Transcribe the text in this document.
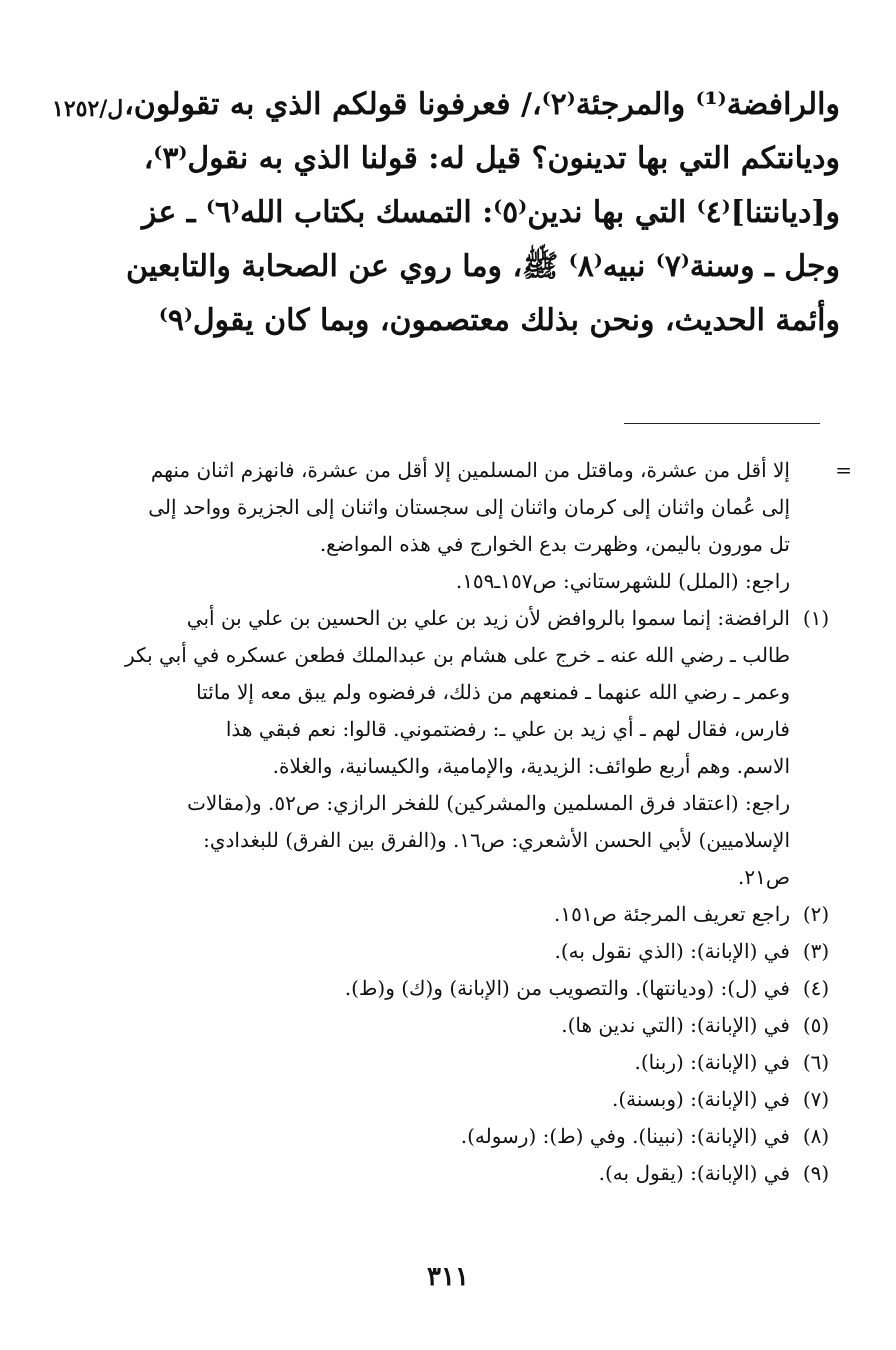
ل/١٢٥٢ والرافضة⁽¹⁾ والمرجئة⁽٢⁾،/ فعرفونا قولكم الذي به تقولون،
وديانتكم التي بها تدينون؟ قيل له: قولنا الذي به نقول⁽٣⁾،
و[ديانتنا]⁽٤⁾ التي بها ندين⁽٥⁾: التمسك بكتاب الله⁽٦⁾ ـ عز
وجل ـ وسنة⁽٧⁾ نبيه⁽٨⁾ ﷺ، وما روي عن الصحابة والتابعين
وأئمة الحديث، ونحن بذلك معتصمون، وبما كان يقول⁽٩⁾
=
إلا أقل من عشرة، وماقتل من المسلمين إلا أقل من عشرة، فانهزم اثنان منهم
إلى عُمان واثنان إلى كرمان واثنان إلى سجستان واثنان إلى الجزيرة وواحد إلى
تل مورون باليمن، وظهرت بدع الخوارج في هذه المواضع.
راجع: (الملل) للشهرستاني: ص١٥٧ـ١٥٩.
(١)
الرافضة: إنما سموا بالروافض لأن زيد بن علي بن الحسين بن علي بن أبي
طالب ـ رضي الله عنه ـ خرج على هشام بن عبدالملك فطعن عسكره في أبي بكر
وعمر ـ رضي الله عنهما ـ فمنعهم من ذلك، فرفضوه ولم يبق معه إلا مائتا
فارس، فقال لهم ـ أي زيد بن علي ـ: رفضتموني. قالوا: نعم فبقي هذا
الاسم. وهم أربع طوائف: الزيدية، والإمامية، والكيسانية، والغلاة.
راجع: (اعتقاد فرق المسلمين والمشركين) للفخر الرازي: ص٥٢. و(مقالات
الإسلاميين) لأبي الحسن الأشعري: ص١٦. و(الفرق بين الفرق) للبغدادي:
ص٢١.
(٢)
راجع تعريف المرجئة ص١٥١.
(٣)
في (الإبانة): (الذي نقول به).
(٤)
في (ل): (وديانتها). والتصويب من (الإبانة) و(ك) و(ط).
(٥)
في (الإبانة): (التي ندين ها).
(٦)
في (الإبانة): (ربنا).
(٧)
في (الإبانة): (وبسنة).
(٨)
في (الإبانة): (نبينا). وفي (ط): (رسوله).
(٩)
في (الإبانة): (يقول به).
٣١١
